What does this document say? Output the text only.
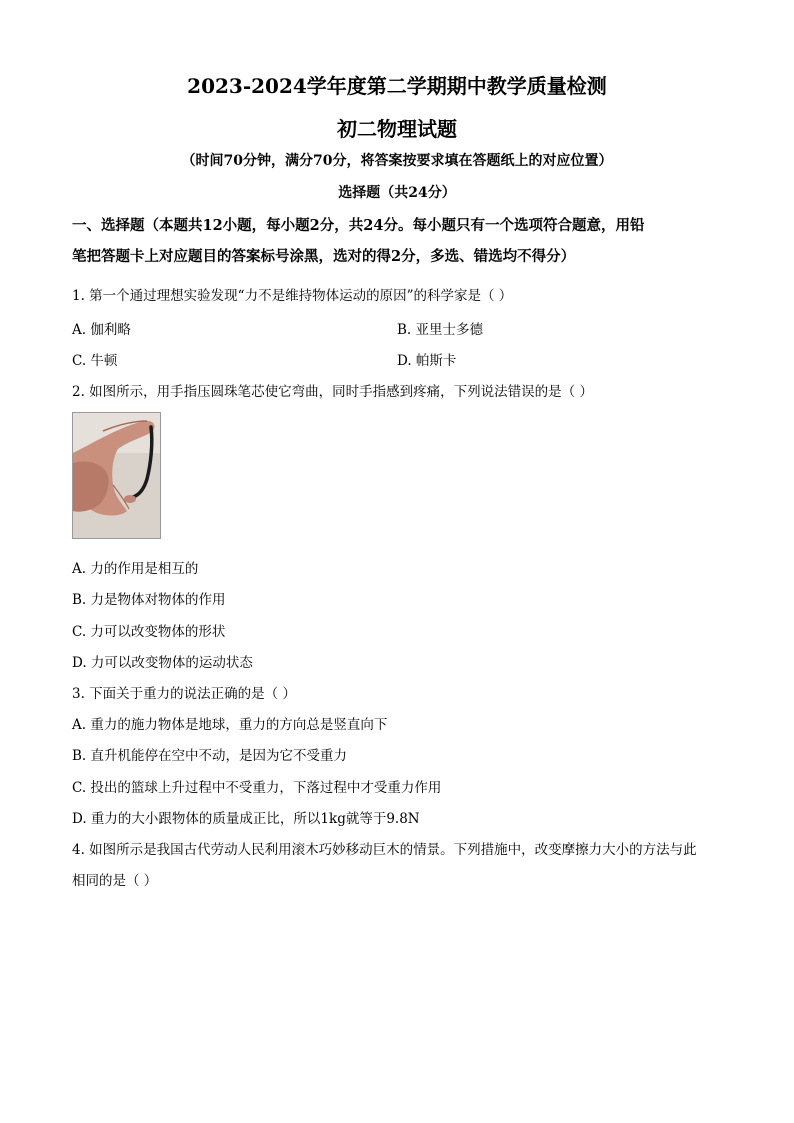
2023-2024学年度第二学期期中教学质量检测
初二物理试题
（时间70分钟，满分70分，将答案按要求填在答题纸上的对应位置）
选择题（共24分）
一、选择题（本题共12小题，每小题2分，共24分。每小题只有一个选项符合题意，用铅
笔把答题卡上对应题目的答案标号涂黑，选对的得2分，多选、错选均不得分）
1. 第一个通过理想实验发现“力不是维持物体运动的原因”的科学家是（ ）
A. 伽利略	B. 亚里士多德
C. 牛顿	D. 帕斯卡
2. 如图所示，用手指压圆珠笔芯使它弯曲，同时手指感到疼痛，下列说法错误的是（ ）
A. 力的作用是相互的
B. 力是物体对物体的作用
C. 力可以改变物体的形状
D. 力可以改变物体的运动状态
3. 下面关于重力的说法正确的是（ ）
A. 重力的施力物体是地球，重力的方向总是竖直向下
B. 直升机能停在空中不动，是因为它不受重力
C. 投出的篮球上升过程中不受重力，下落过程中才受重力作用
D. 重力的大小跟物体的质量成正比，所以1kg就等于9.8N
4. 如图所示是我国古代劳动人民利用滚木巧妙移动巨木的情景。下列措施中，改变摩擦力大小的方法与此
相同的是（ ）
